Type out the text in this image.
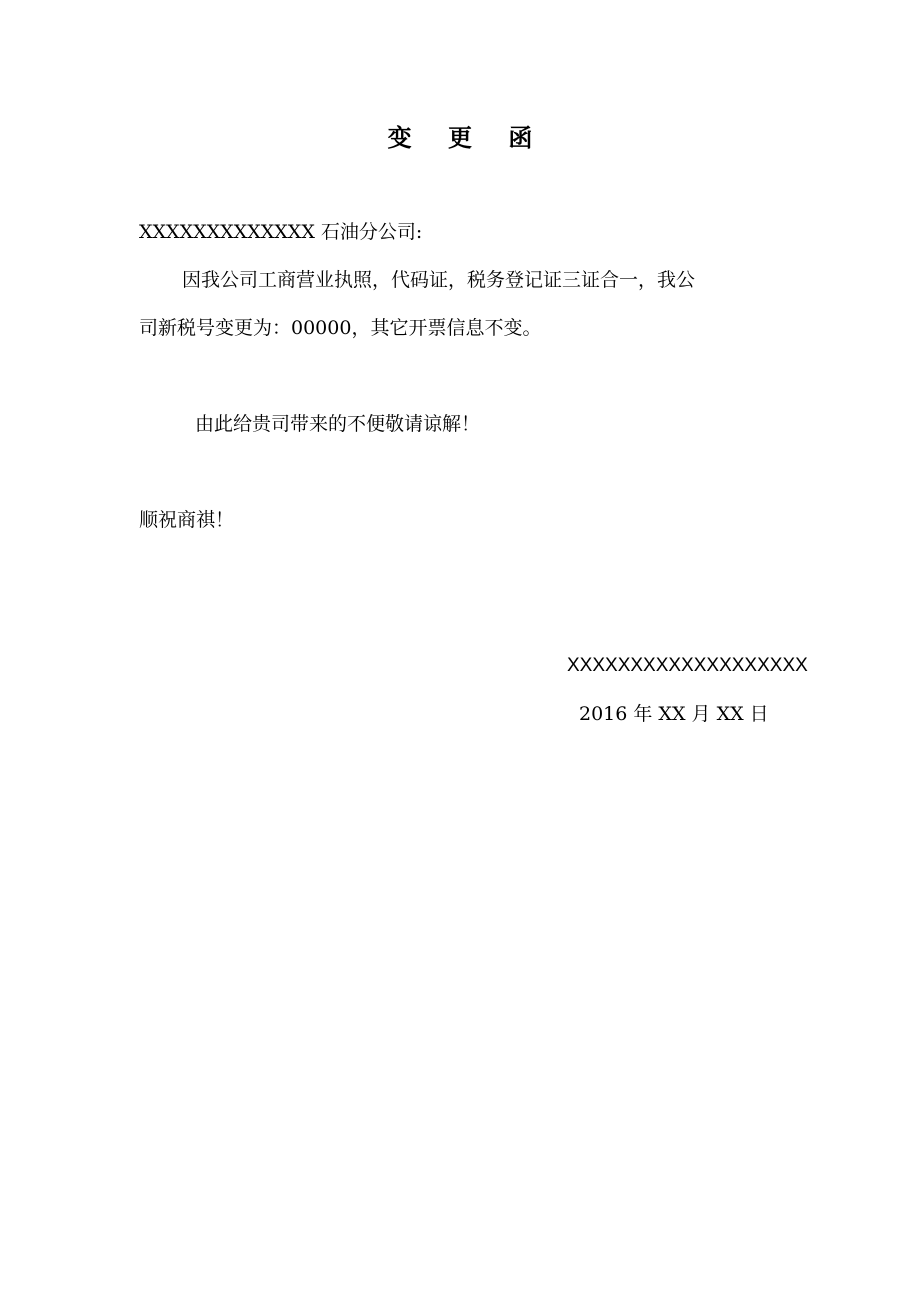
变 更 函
XXXXXXXXXXXXX 石油分公司:
因我公司工商营业执照，代码证，税务登记证三证合一，我公
司新税号变更为：00000，其它开票信息不变。
由此给贵司带来的不便敬请谅解！
顺祝商祺！
XXXXXXXXXXXXXXXXXXX
2016 年 XX 月 XX 日
